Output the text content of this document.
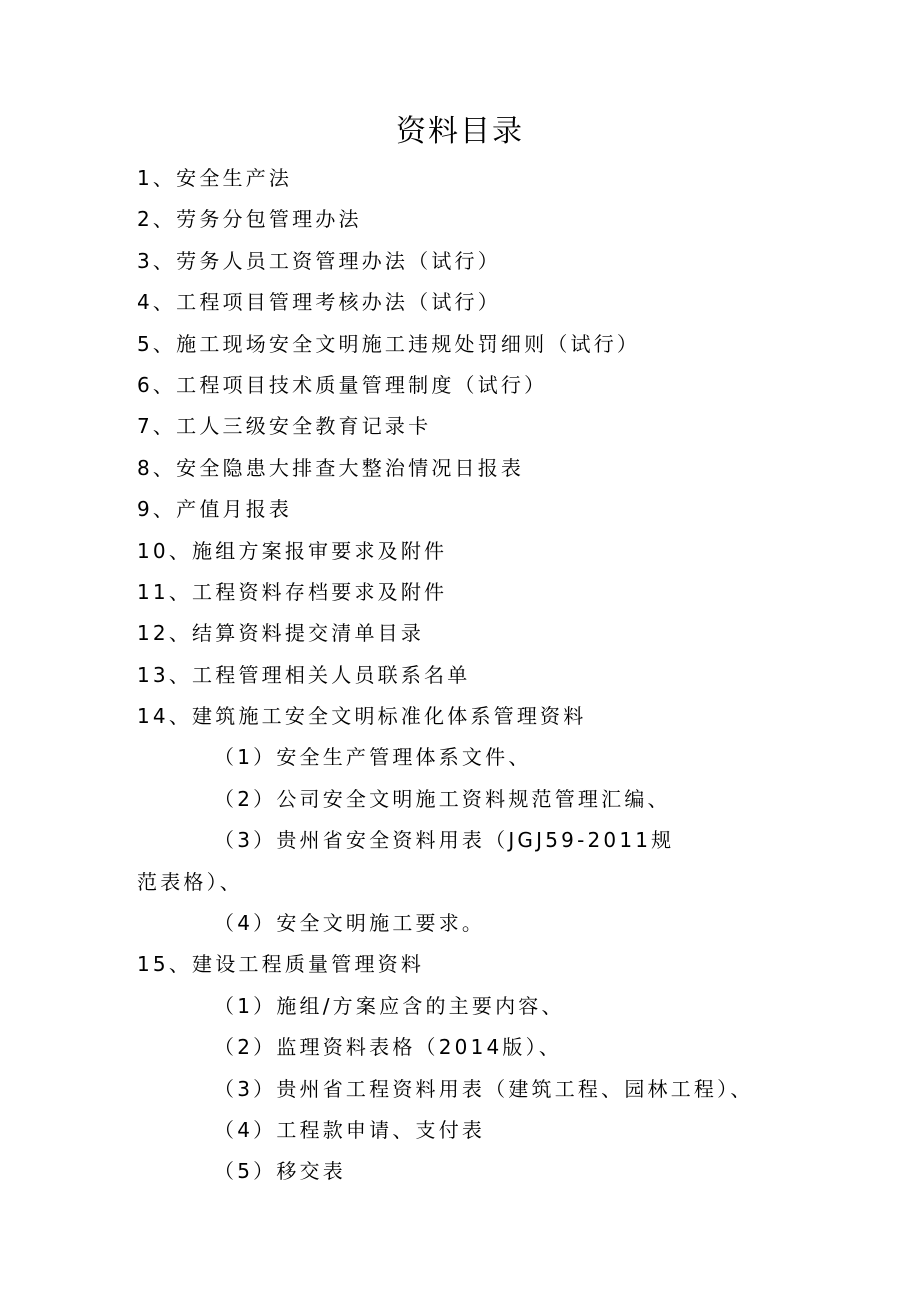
资料目录
1、安全生产法
2、劳务分包管理办法
3、劳务人员工资管理办法（试行）
4、工程项目管理考核办法（试行）
5、施工现场安全文明施工违规处罚细则（试行）
6、工程项目技术质量管理制度（试行）
7、工人三级安全教育记录卡
8、安全隐患大排查大整治情况日报表
9、产值月报表
10、施组方案报审要求及附件
11、工程资料存档要求及附件
12、结算资料提交清单目录
13、工程管理相关人员联系名单
14、建筑施工安全文明标准化体系管理资料
（1）安全生产管理体系文件、
（2）公司安全文明施工资料规范管理汇编、
（3）贵州省安全资料用表（JGJ59-2011规范表格）、
（4）安全文明施工要求。
15、建设工程质量管理资料
（1）施组/方案应含的主要内容、
（2）监理资料表格（2014版）、
（3）贵州省工程资料用表（建筑工程、园林工程）、
（4）工程款申请、支付表
（5）移交表
